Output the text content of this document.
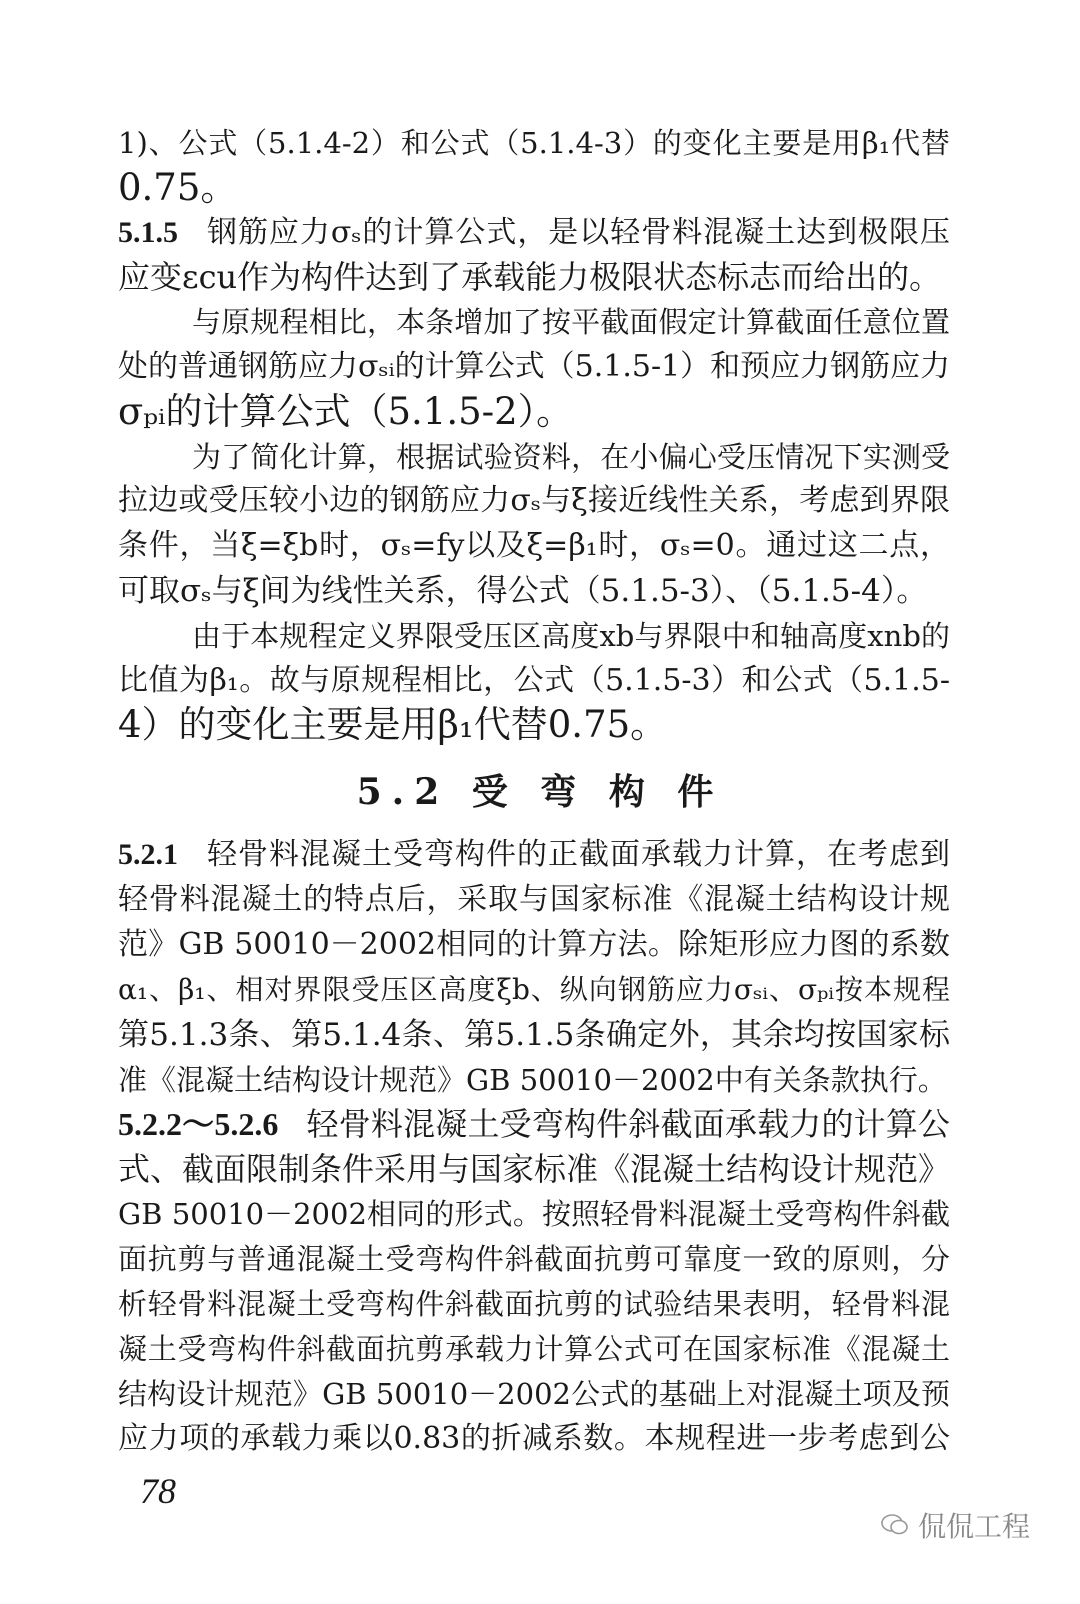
5.2 受 弯 构 件
78
侃侃工程
1)、公式（5.1.4-2）和公式（5.1.4-3）的变化主要是用β₁代替
0.75。
5.1.5 钢筋应力σₛ的计算公式，是以轻骨料混凝土达到极限压
应变εcu作为构件达到了承载能力极限状态标志而给出的。
与原规程相比，本条增加了按平截面假定计算截面任意位置
处的普通钢筋应力σₛᵢ的计算公式（5.1.5-1）和预应力钢筋应力
σₚᵢ的计算公式（5.1.5-2）。
为了简化计算，根据试验资料，在小偏心受压情况下实测受
拉边或受压较小边的钢筋应力σₛ与ξ接近线性关系，考虑到界限
条件，当ξ=ξb时，σₛ=fy以及ξ=β₁时，σₛ=0。通过这二点，
可取σₛ与ξ间为线性关系，得公式（5.1.5-3）、（5.1.5-4）。
由于本规程定义界限受压区高度xb与界限中和轴高度xnb的
比值为β₁。故与原规程相比，公式（5.1.5-3）和公式（5.1.5-
4）的变化主要是用β₁代替0.75。
5.2.1 轻骨料混凝土受弯构件的正截面承载力计算，在考虑到
轻骨料混凝土的特点后，采取与国家标准《混凝土结构设计规
范》GB 50010－2002相同的计算方法。除矩形应力图的系数
α₁、β₁、相对界限受压区高度ξb、纵向钢筋应力σₛᵢ、σₚᵢ按本规程
第5.1.3条、第5.1.4条、第5.1.5条确定外，其余均按国家标
准《混凝土结构设计规范》GB 50010－2002中有关条款执行。
5.2.2～5.2.6 轻骨料混凝土受弯构件斜截面承载力的计算公
式、截面限制条件采用与国家标准《混凝土结构设计规范》
GB 50010－2002相同的形式。按照轻骨料混凝土受弯构件斜截
面抗剪与普通混凝土受弯构件斜截面抗剪可靠度一致的原则，分
析轻骨料混凝土受弯构件斜截面抗剪的试验结果表明，轻骨料混
凝土受弯构件斜截面抗剪承载力计算公式可在国家标准《混凝土
结构设计规范》GB 50010－2002公式的基础上对混凝土项及预
应力项的承载力乘以0.83的折减系数。本规程进一步考虑到公
